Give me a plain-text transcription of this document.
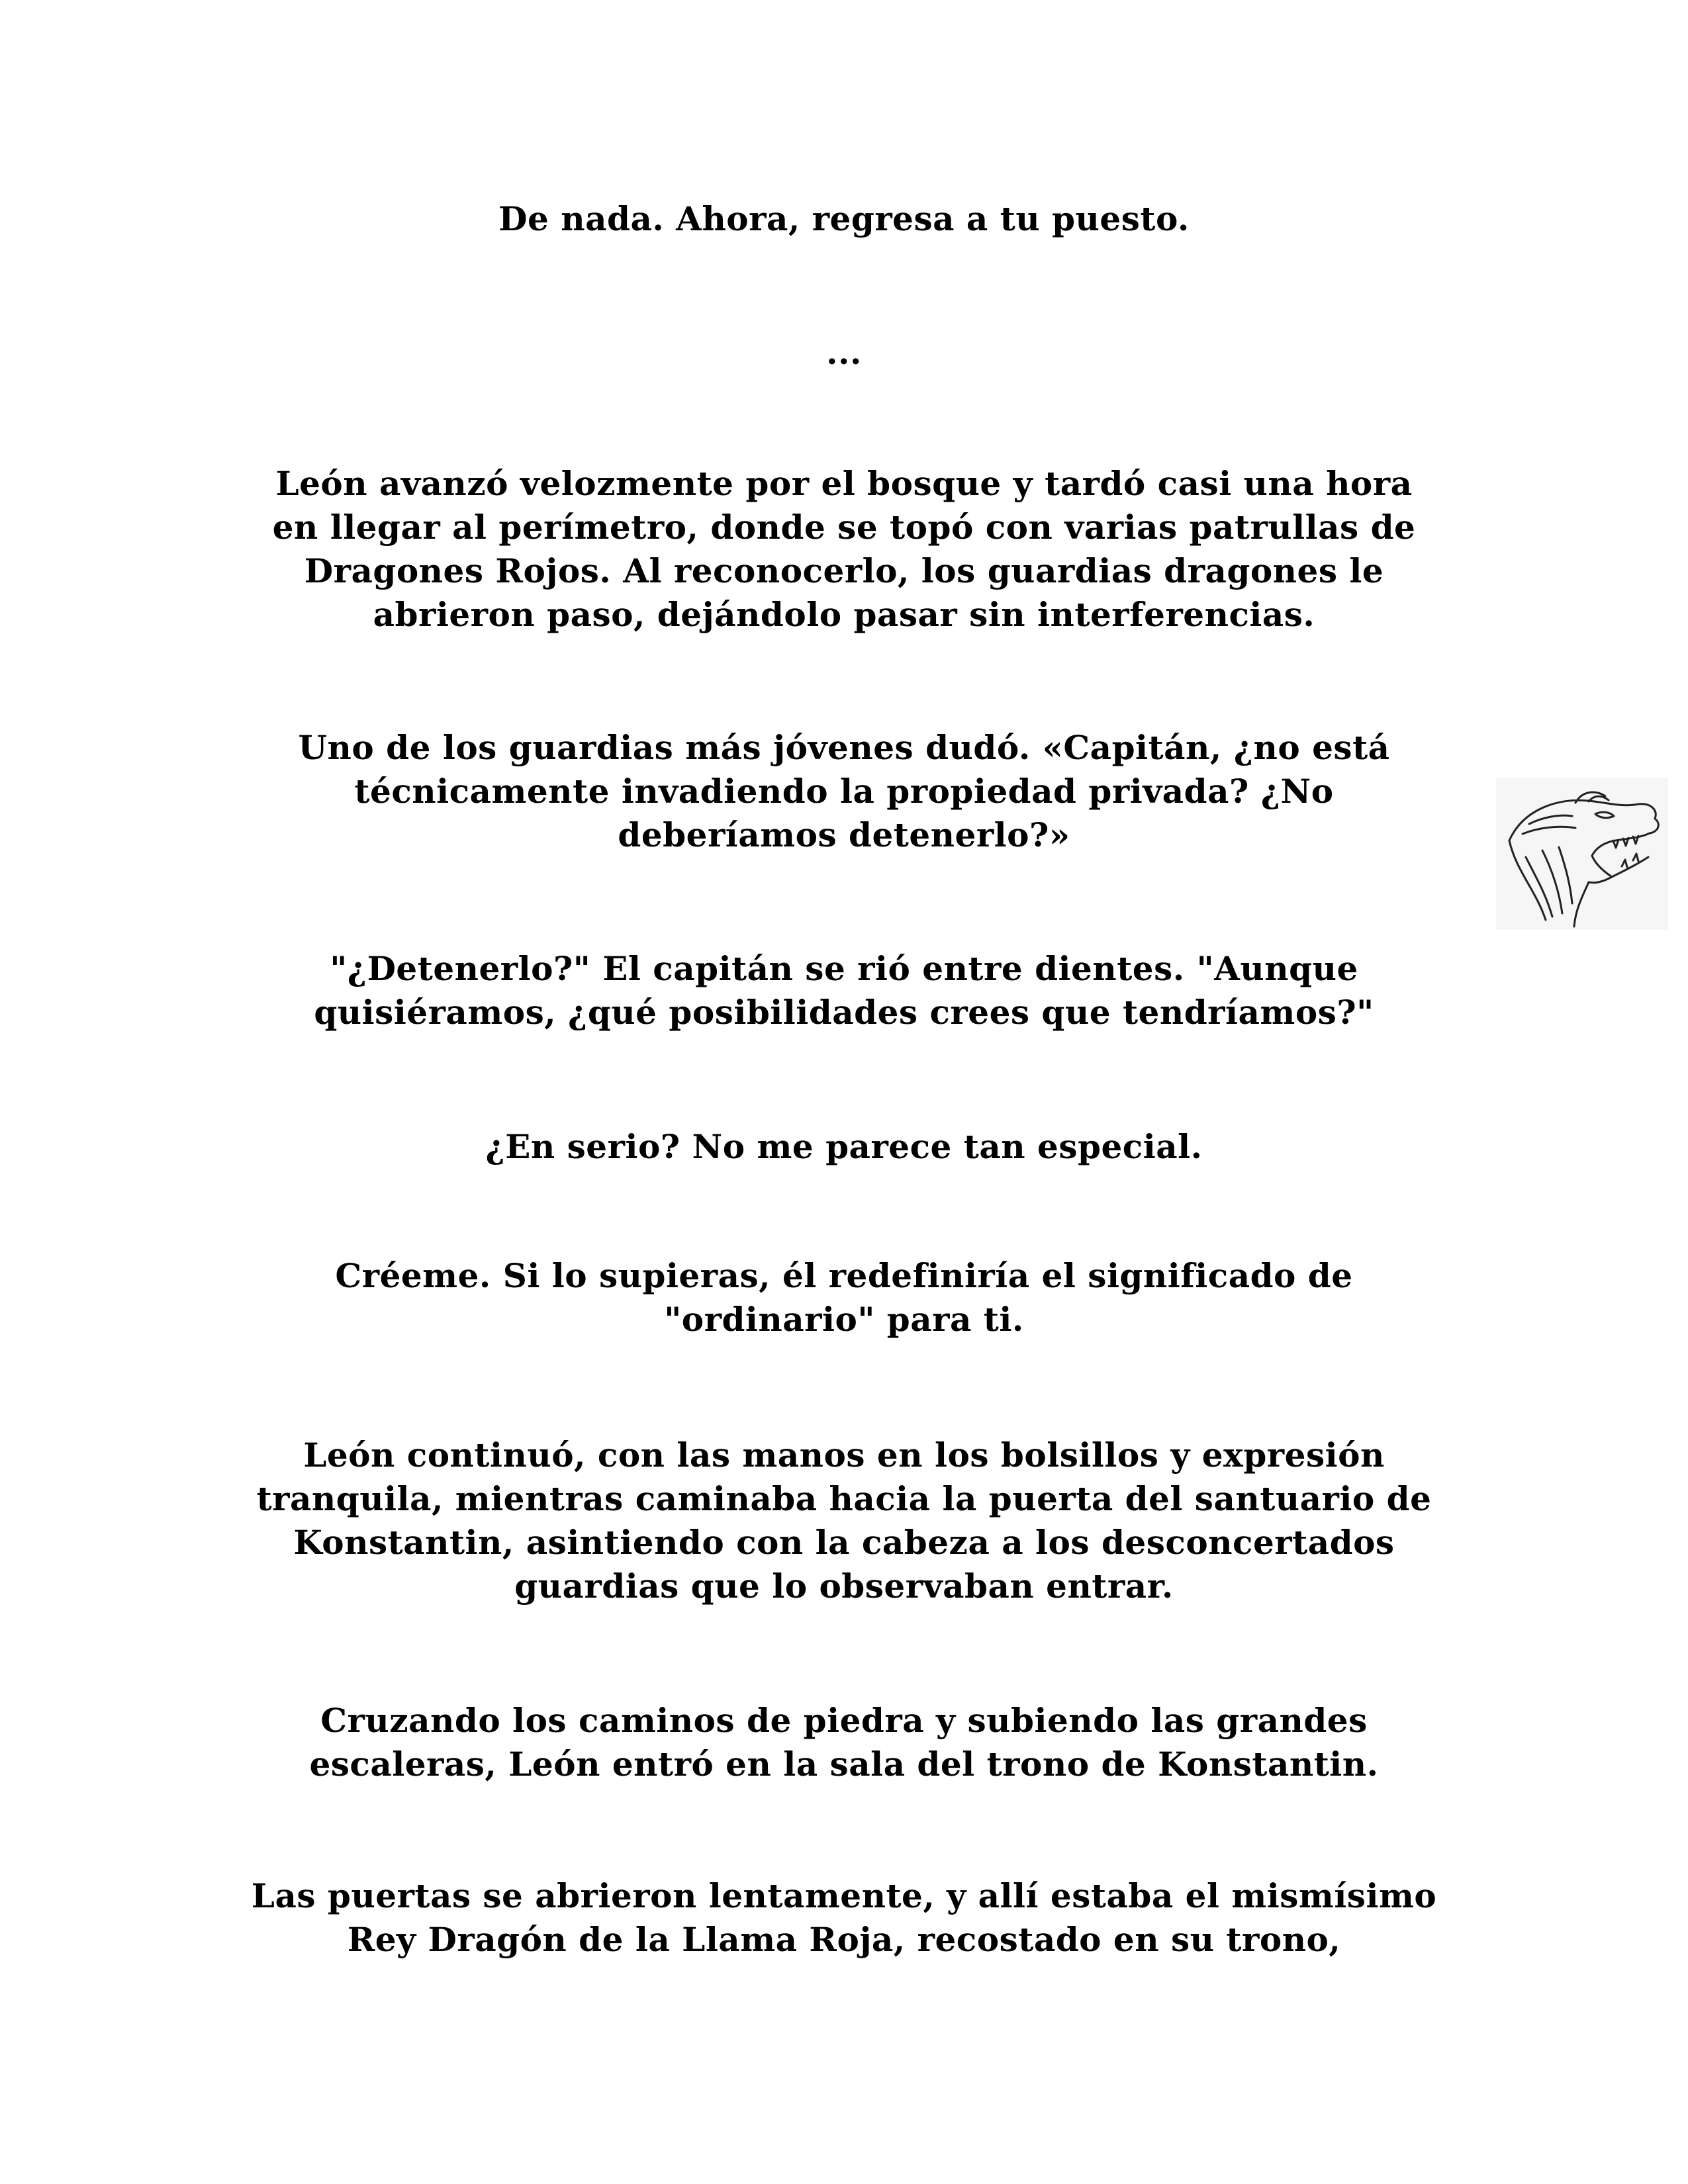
De nada. Ahora, regresa a tu puesto.

...

León avanzó velozmente por el bosque y tardó casi una hora
en llegar al perímetro, donde se topó con varias patrullas de
Dragones Rojos. Al reconocerlo, los guardias dragones le
abrieron paso, dejándolo pasar sin interferencias.

Uno de los guardias más jóvenes dudó. «Capitán, ¿no está
técnicamente invadiendo la propiedad privada? ¿No
deberíamos detenerlo?»

"¿Detenerlo?" El capitán se rió entre dientes. "Aunque
quisiéramos, ¿qué posibilidades crees que tendríamos?"

¿En serio? No me parece tan especial.

Créeme. Si lo supieras, él redefiniría el significado de
"ordinario" para ti.

León continuó, con las manos en los bolsillos y expresión
tranquila, mientras caminaba hacia la puerta del santuario de
Konstantin, asintiendo con la cabeza a los desconcertados
guardias que lo observaban entrar.

Cruzando los caminos de piedra y subiendo las grandes
escaleras, León entró en la sala del trono de Konstantin.

Las puertas se abrieron lentamente, y allí estaba el mismísimo
Rey Dragón de la Llama Roja, recostado en su trono,
